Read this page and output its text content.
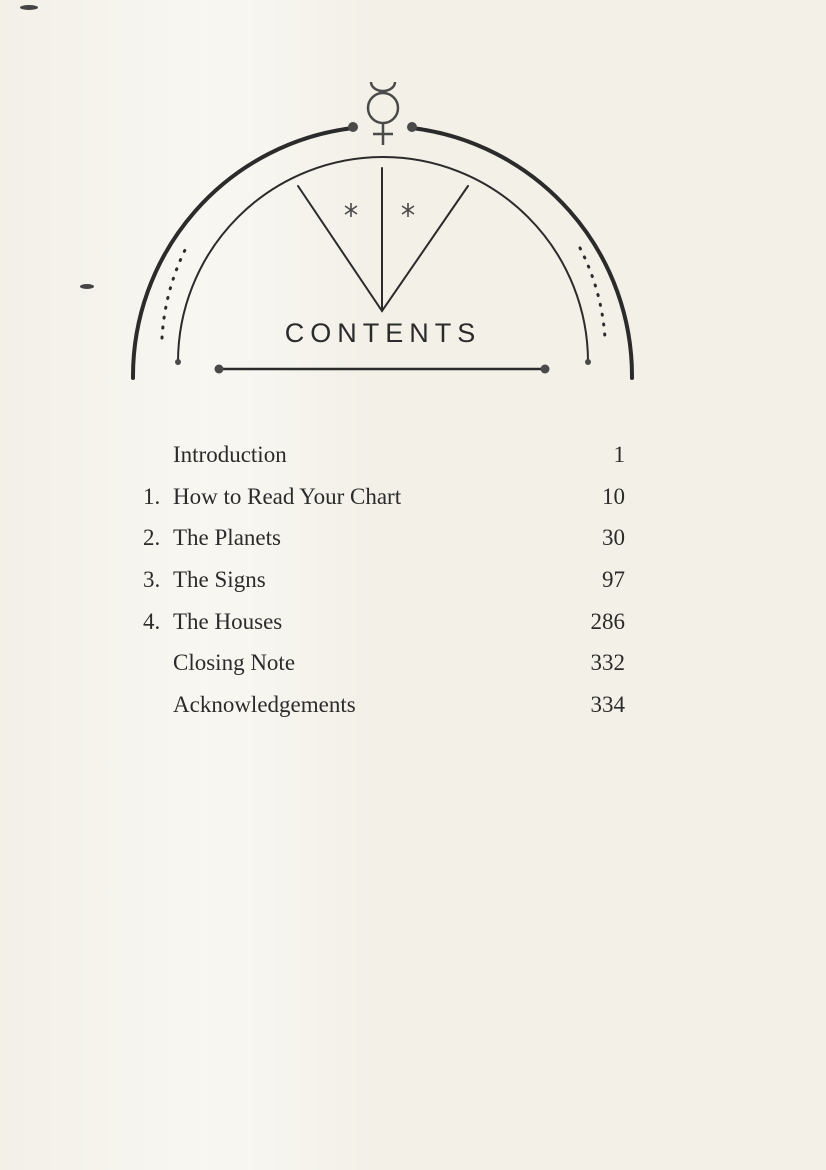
CONTENTS
Introduction	1
1. How to Read Your Chart	10
2. The Planets	30
3. The Signs	97
4. The Houses	286
Closing Note	332
Acknowledgements	334
